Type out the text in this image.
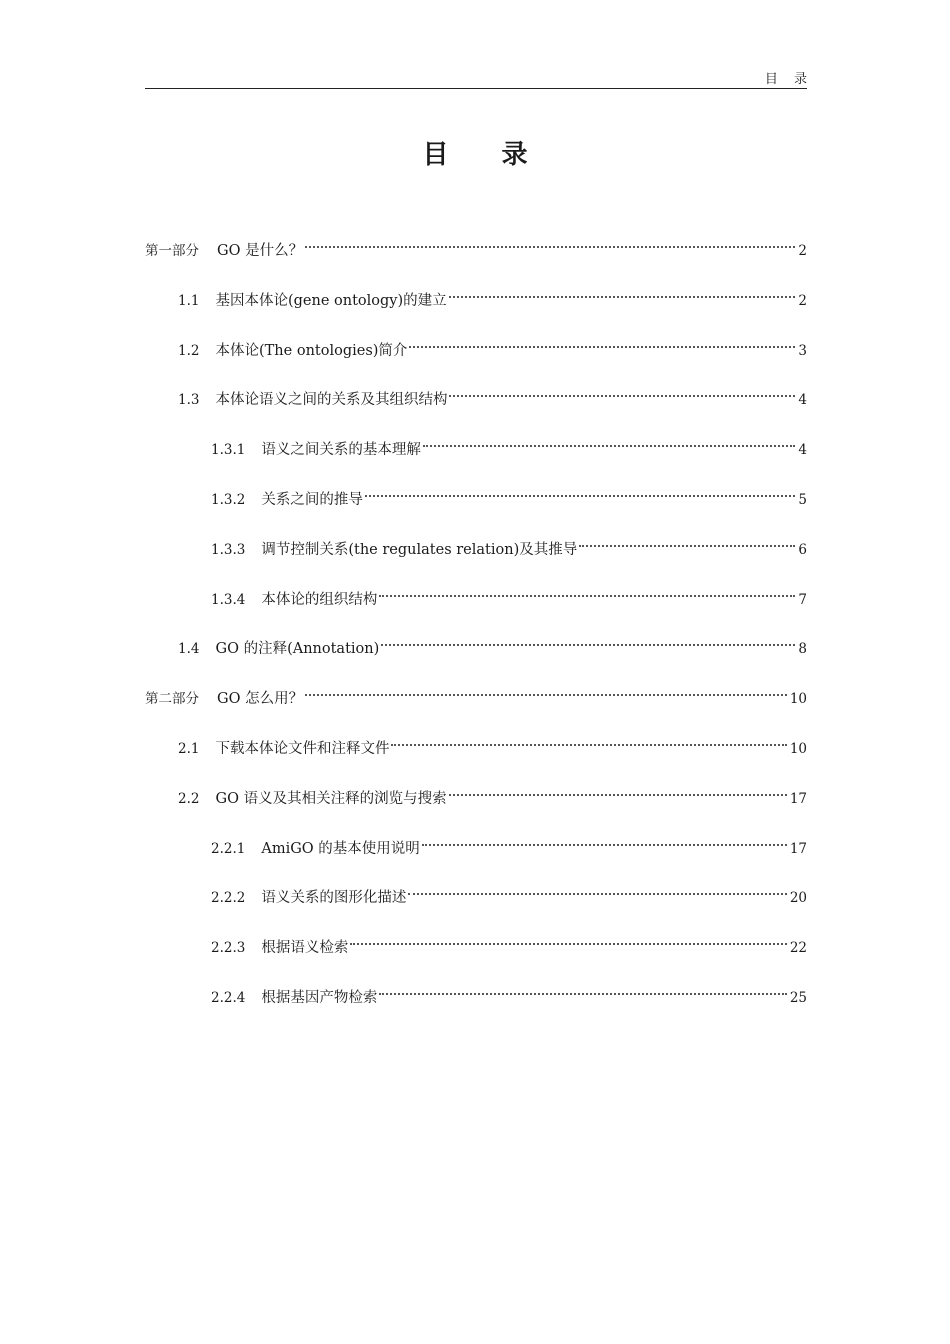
目 录
目 录
第一部分 GO 是什么？	2
1.1 基因本体论(gene ontology)的建立	2
1.2 本体论(The ontologies)简介	3
1.3 本体论语义之间的关系及其组织结构	4
1.3.1 语义之间关系的基本理解	4
1.3.2 关系之间的推导	5
1.3.3 调节控制关系(the regulates relation)及其推导	6
1.3.4 本体论的组织结构	7
1.4 GO 的注释(Annotation)	8
第二部分 GO 怎么用？	10
2.1 下载本体论文件和注释文件	10
2.2 GO 语义及其相关注释的浏览与搜索	17
2.2.1 AmiGO 的基本使用说明	17
2.2.2 语义关系的图形化描述	20
2.2.3 根据语义检索	22
2.2.4 根据基因产物检索	25
